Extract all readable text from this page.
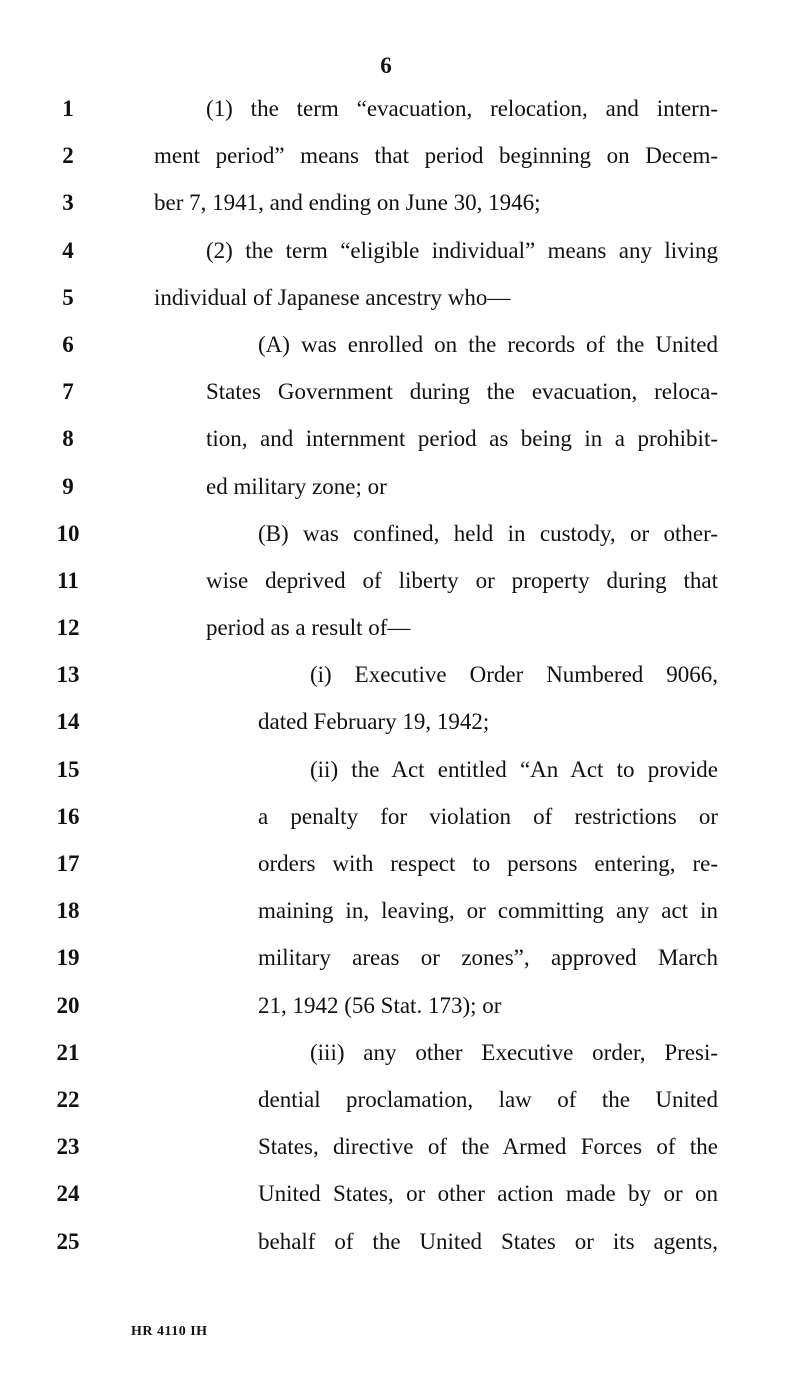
6
1	(1) the term “evacuation, relocation, and intern-
2	ment period” means that period beginning on Decem-
3	ber 7, 1941, and ending on June 30, 1946;
4	(2) the term “eligible individual” means any living
5	individual of Japanese ancestry who—
6	(A) was enrolled on the records of the United
7	States Government during the evacuation, reloca-
8	tion, and internment period as being in a prohibit-
9	ed military zone; or
10	(B) was confined, held in custody, or other-
11	wise deprived of liberty or property during that
12	period as a result of—
13	(i) Executive Order Numbered 9066,
14	dated February 19, 1942;
15	(ii) the Act entitled “An Act to provide
16	a penalty for violation of restrictions or
17	orders with respect to persons entering, re-
18	maining in, leaving, or committing any act in
19	military areas or zones”, approved March
20	21, 1942 (56 Stat. 173); or
21	(iii) any other Executive order, Presi-
22	dential proclamation, law of the United
23	States, directive of the Armed Forces of the
24	United States, or other action made by or on
25	behalf of the United States or its agents,
HR 4110 IH
